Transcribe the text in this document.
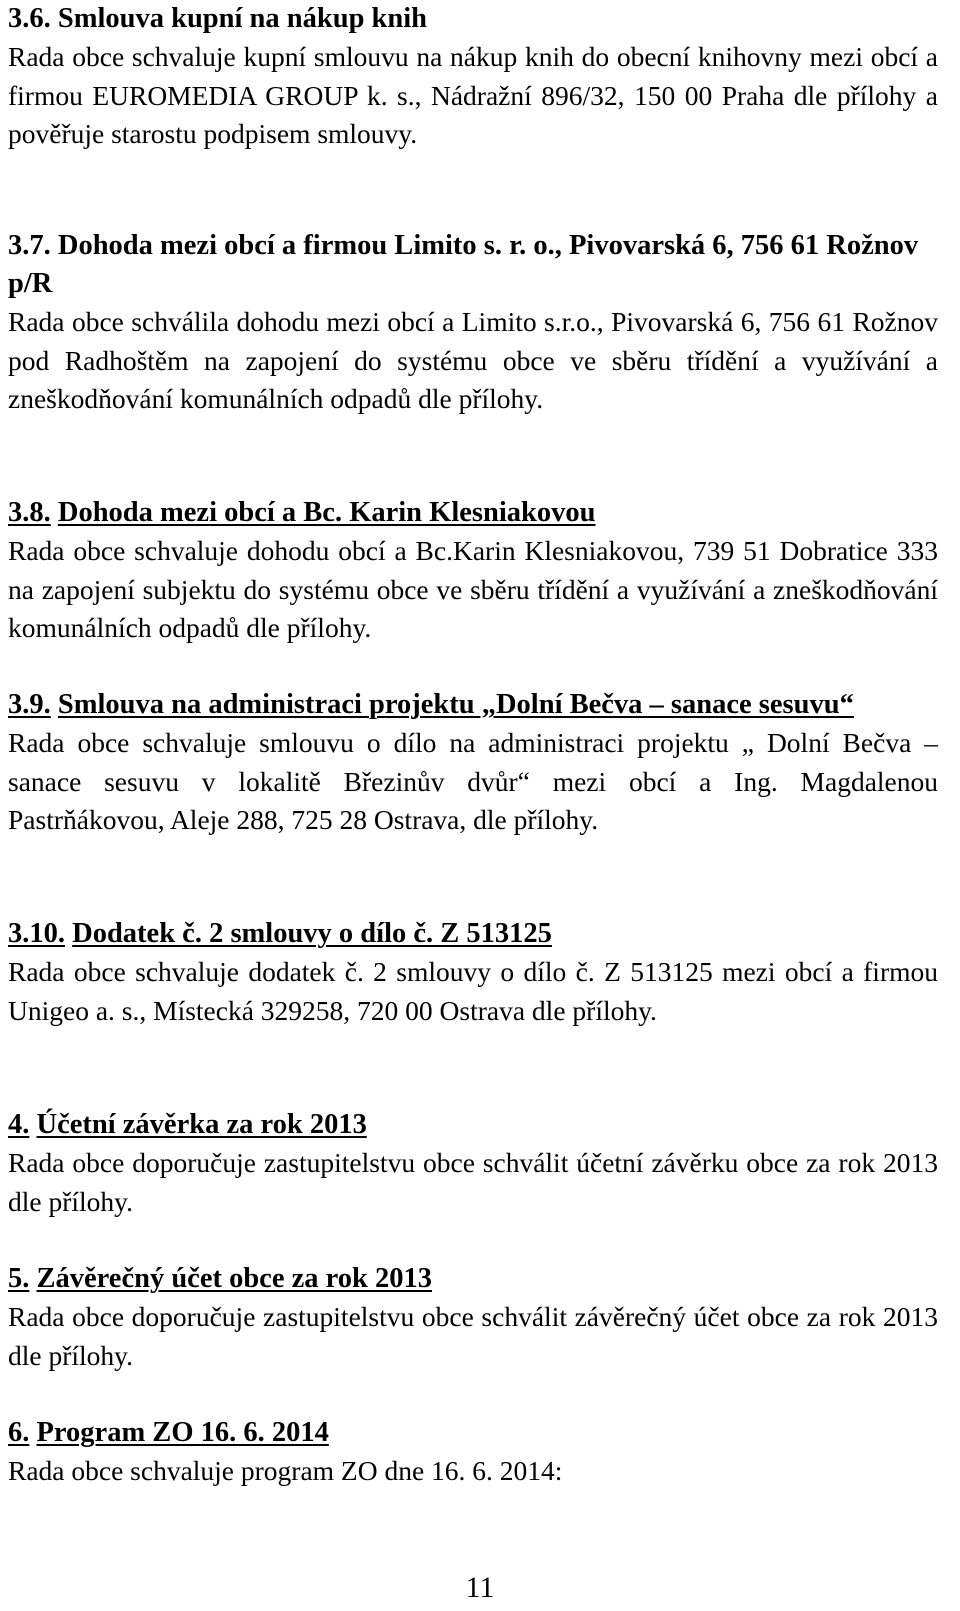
3.6. Smlouva kupní na nákup knih

Rada obce schvaluje kupní smlouvu na nákup knih do obecní knihovny mezi obcí a firmou EUROMEDIA GROUP k. s., Nádražní 896/32, 150 00 Praha dle přílohy a pověřuje starostu podpisem smlouvy.

3.7. Dohoda mezi obcí a firmou Limito s. r. o., Pivovarská 6, 756 61 Rožnov p/R

Rada obce schválila dohodu mezi obcí a Limito s.r.o., Pivovarská 6, 756 61 Rožnov pod Radhoštěm na zapojení do systému obce ve sběru třídění a využívání a zneškodňování komunálních odpadů dle přílohy.

3.8. Dohoda mezi obcí a Bc. Karin Klesniakovou

Rada obce schvaluje dohodu obcí a Bc.Karin Klesniakovou, 739 51 Dobratice 333 na zapojení subjektu do systému obce ve sběru třídění a využívání a zneškodňování komunálních odpadů dle přílohy.

3.9. Smlouva na administraci projektu „Dolní Bečva – sanace sesuvu“

Rada obce schvaluje smlouvu o dílo na administraci projektu „ Dolní Bečva – sanace sesuvu v lokalitě Březinův dvůr“ mezi obcí a Ing. Magdalenou Pastrňákovou, Aleje 288, 725 28 Ostrava, dle přílohy.

3.10. Dodatek č. 2 smlouvy o dílo č. Z 513125

Rada obce schvaluje dodatek č. 2 smlouvy o dílo č. Z 513125 mezi obcí a firmou Unigeo a. s., Místecká 329258, 720 00 Ostrava dle přílohy.

4. Účetní závěrka za rok 2013

Rada obce doporučuje zastupitelstvu obce schválit účetní závěrku obce za rok 2013 dle přílohy.

5. Závěrečný účet obce za rok 2013

Rada obce doporučuje zastupitelstvu obce schválit závěrečný účet obce za rok 2013 dle přílohy.

6. Program ZO 16. 6. 2014

Rada obce schvaluje program ZO dne 16. 6. 2014:

11
